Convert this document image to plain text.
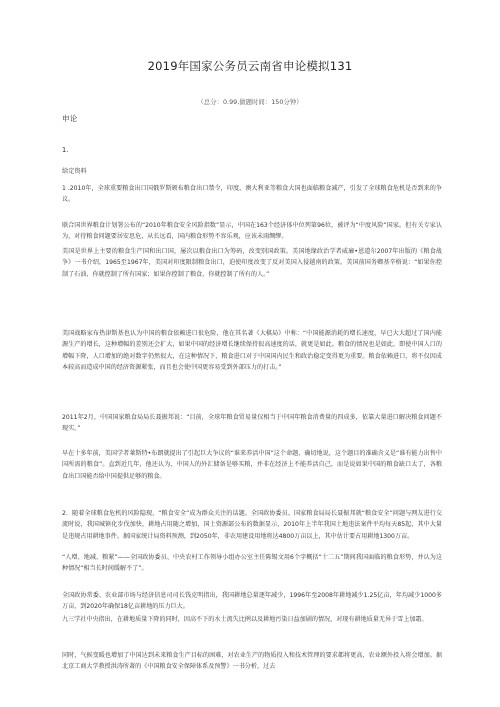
2019年国家公务员云南省申论模拟131
（总分：0.99,做题时间：150分钟）
申论
1.
给定资料

1 .2010年，全球重要粮食出口国俄罗斯颁布粮食出口禁令，印度、澳大利亚等粮食大国也面临粮食减产，引发了全球粮食危机是否到来的争议。

联合国世界粮食计划署公布的“2010年粮食安全风险指数”显示，中国在163个经济体中位列第96位，被评为“中度风险”国家。但有关专家认为，对待粮食问题要居安思危，从长远看，国内粮食形势不容乐观，应该未雨绸缪。

美国是世界上主要的粮食生产国和出口国，屡次以粮食出口为筹码，改变别国政策。美国地缘政治学者威廉•恩道尔2007年出版的《粮食战争》一书介绍，1965至1967年，美国对印度限制粮食出口，迫使印度改变了反对美国入侵越南的政策。美国前国务卿基辛格说：“如果你控制了石油，你就控制了所有国家；如果你控制了粮食，你就控制了所有的人。”

美国战略家布热津斯基也认为中国的粮食依赖进口很危险，他在其名著《大棋局》中称：“中国能源消耗的增长速度，早已大大超过了国内能源生产的增长，这种增幅的差别还会扩大，如果中国的经济增长继续保持很高速度的话，就更是如此。粮食的情况也是如此，即使中国人口的增幅下降，人口增加的绝对数字仍然很大，在这种情况下，粮食进口对于中国国内民生和政治稳定变得更为重要。粮食依赖进口，将不仅因成本较高而造成中国的经济资源紧张，而且也会使中国更容易受到外部压力的打击。”

2011年2月，中国国家粮食局局长聂振邦说：“目前，全球年粮食贸易量仅相当于中国年粮食消费量的四成多，依靠大量进口解决粮食问题不现实。”

早在十多年前，美国学者莱斯特•布朗就提出了引起巨大争议的“谁来养活中国”这个命题，确切地说，这个题目的准确含义是“谁有能力出售中国所需的粮食”。直到近几年，他还认为，中国人的外汇储备是够买粮，并非在经济上不能养活自己，而是说如果中国的粮食缺口太了，各粮食出口国能否给中国提供足够的粮食。

2．随着全球粮食危机的风险隐现，“粮食安全”成为群众关注的话题。全国政协委员、国家粮食局局长聂振邦就“粮食安全”问题与网友进行交流时说，我国城镇化步伐加快，耕地占用随之增加，国土资源部公布的数据显示，2010年上半年我国土地违法案件平均每天85起，其中大量是违规占用耕地事件。据国家统计局资料预测，到2050年，非农用建设用地将达4800万亩以上，其中估计要占用耕地1300万亩。

“人增、地减、粮紧”——全国政协委员、中央农村工作领导小组办公室主任陈锡文用6个字概括“十二五”期间我国面临的粮食形势，并认为这种情况“相当长时间缓解不了”。

全国政协常委、农业部市场与经济信息司司长钱克明指出，我国耕地总量逐年减少，1996年至2008年耕地减少1.25亿亩，年均减少1000多万亩，到2020年确保18亿亩耕地的压力巨大。

九三学社中央指出，在耕地质量下降的同时，因高不下的水土流失比例以及耕地污染日益加剧的情况，对现有耕地质量无异于雪上加霜。

同时，气候变暖也增加了中国达到未来粮食生产目标的困难，对农业生产的物质投入和技术管理的要求都将更高，农业额外投入将会增加。据北京工商大学教授洪涛所著的《中国粮食安全保障体系及预警》一书分析，过去
